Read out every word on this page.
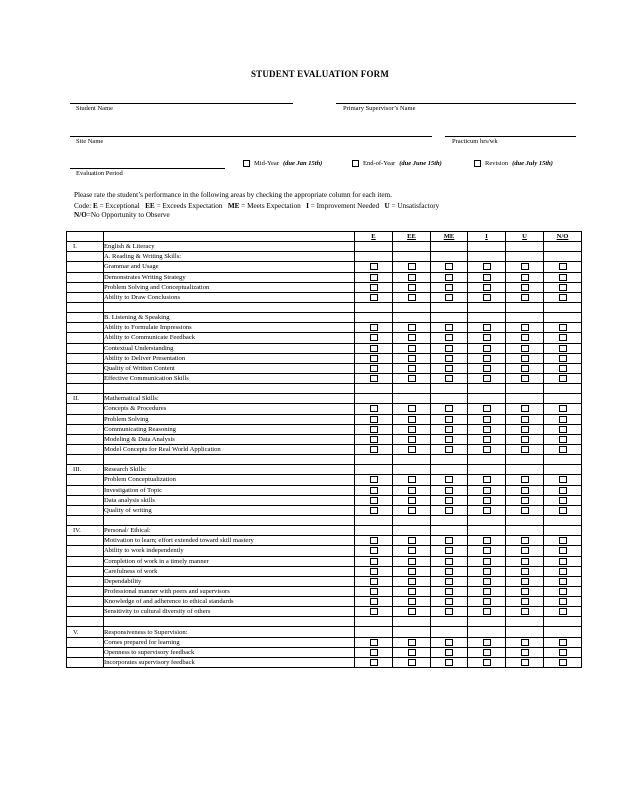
STUDENT EVALUATION FORM
Student Name	Primary Supervisor’s Name
Site Name	Practicum hrs/wk
Evaluation Period
Mid-Year (due Jan 15th)	End-of-Year (due June 15th)	Revision (due July 15th)
Please rate the student’s performance in the following areas by checking the appropriate column for each item.
Code: E = Exceptional EE = Exceeds Expectation ME = Meets Expectation I = Improvement Needed U = Unsatisfactory
N/O=No Opportunity to Observe
		E	EE	ME	I	U	N/O
I.	English & Literacy						
	A. Reading & Writing Skills:						
	Grammar and Usage						
	Demonstrates Writing Strategy						
	Problem Solving and Conceptualization						
	Ability to Draw Conclusions						

	B. Listening & Speaking						
	Ability to Formulate Impressions						
	Ability to Communicate Feedback						
	Contextual Understanding						
	Ability to Deliver Presentation						
	Quality of Written Content						
	Effective Communication Skills						

II.	Mathematical Skills:						
	Concepts & Procedures						
	Problem Solving						
	Communicating Reasoning						
	Modeling & Data Analysis						
	Model Concepts for Real World Application						

III.	Research Skills:						
	Problem Conceptualization						
	Investigation of Topic						
	Data analysis skills						
	Quality of writing						

IV.	Personal/ Ethical:						
	Motivation to learn; effort extended toward skill mastery						
	Ability to work independently						
	Completion of work in a timely manner						
	Carefulness of work						
	Dependability						
	Professional manner with peers and supervisors						
	Knowledge of and adherence to ethical standards						
	Sensitivity to cultural diversity of others						

V.	Responsiveness to Supervision:						
	Comes prepared for learning						
	Openness to supervisory feedback						
	Incorporates supervisory feedback						
